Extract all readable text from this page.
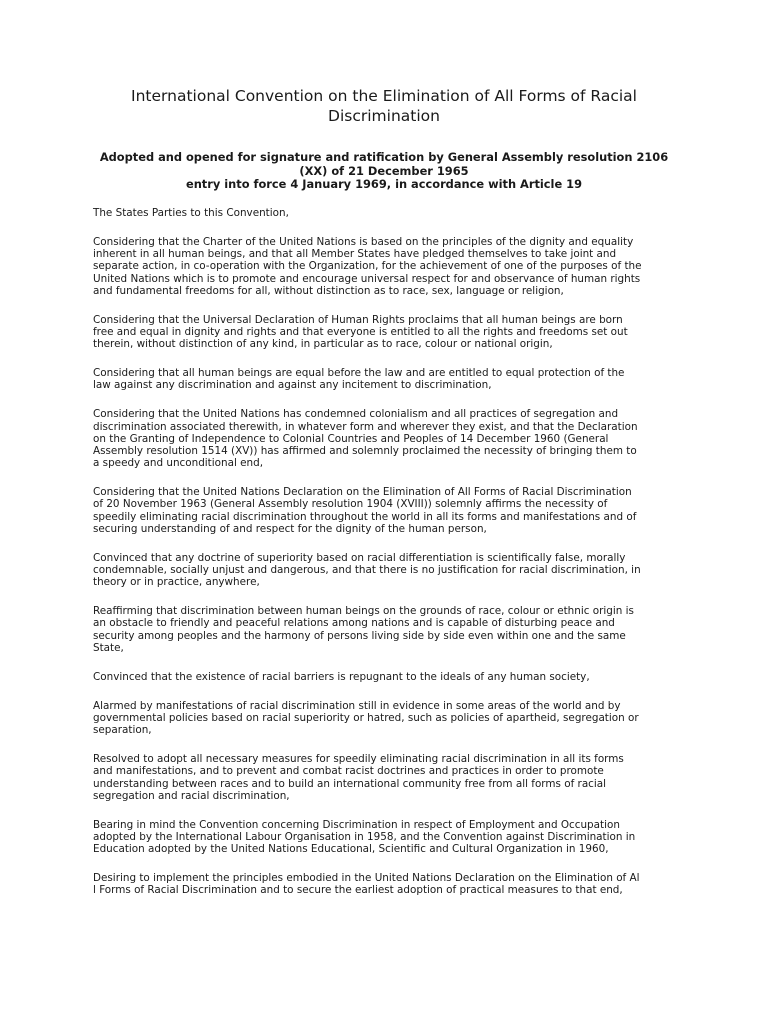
International Convention on the Elimination of All Forms of Racial
Discrimination
Adopted and opened for signature and ratification by General Assembly resolution 2106
(XX) of 21 December 1965
entry into force 4 January 1969, in accordance with Article 19

The States Parties to this Convention,

Considering that the Charter of the United Nations is based on the principles of the dignity and equality
inherent in all human beings, and that all Member States have pledged themselves to take joint and
separate action, in co-operation with the Organization, for the achievement of one of the purposes of the
United Nations which is to promote and encourage universal respect for and observance of human rights
and fundamental freedoms for all, without distinction as to race, sex, language or religion,

Considering that the Universal Declaration of Human Rights proclaims that all human beings are born
free and equal in dignity and rights and that everyone is entitled to all the rights and freedoms set out
therein, without distinction of any kind, in particular as to race, colour or national origin,

Considering that all human beings are equal before the law and are entitled to equal protection of the
law against any discrimination and against any incitement to discrimination,

Considering that the United Nations has condemned colonialism and all practices of segregation and
discrimination associated therewith, in whatever form and wherever they exist, and that the Declaration
on the Granting of Independence to Colonial Countries and Peoples of 14 December 1960 (General
Assembly resolution 1514 (XV)) has affirmed and solemnly proclaimed the necessity of bringing them to
a speedy and unconditional end,

Considering that the United Nations Declaration on the Elimination of All Forms of Racial Discrimination
of 20 November 1963 (General Assembly resolution 1904 (XVIII)) solemnly affirms the necessity of
speedily eliminating racial discrimination throughout the world in all its forms and manifestations and of
securing understanding of and respect for the dignity of the human person,

Convinced that any doctrine of superiority based on racial differentiation is scientifically false, morally
condemnable, socially unjust and dangerous, and that there is no justification for racial discrimination, in
theory or in practice, anywhere,

Reaffirming that discrimination between human beings on the grounds of race, colour or ethnic origin is
an obstacle to friendly and peaceful relations among nations and is capable of disturbing peace and
security among peoples and the harmony of persons living side by side even within one and the same
State,

Convinced that the existence of racial barriers is repugnant to the ideals of any human society,

Alarmed by manifestations of racial discrimination still in evidence in some areas of the world and by
governmental policies based on racial superiority or hatred, such as policies of apartheid, segregation or
separation,

Resolved to adopt all necessary measures for speedily eliminating racial discrimination in all its forms
and manifestations, and to prevent and combat racist doctrines and practices in order to promote
understanding between races and to build an international community free from all forms of racial
segregation and racial discrimination,

Bearing in mind the Convention concerning Discrimination in respect of Employment and Occupation
adopted by the International Labour Organisation in 1958, and the Convention against Discrimination in
Education adopted by the United Nations Educational, Scientific and Cultural Organization in 1960,

Desiring to implement the principles embodied in the United Nations Declaration on the Elimination of Al
l Forms of Racial Discrimination and to secure the earliest adoption of practical measures to that end,
